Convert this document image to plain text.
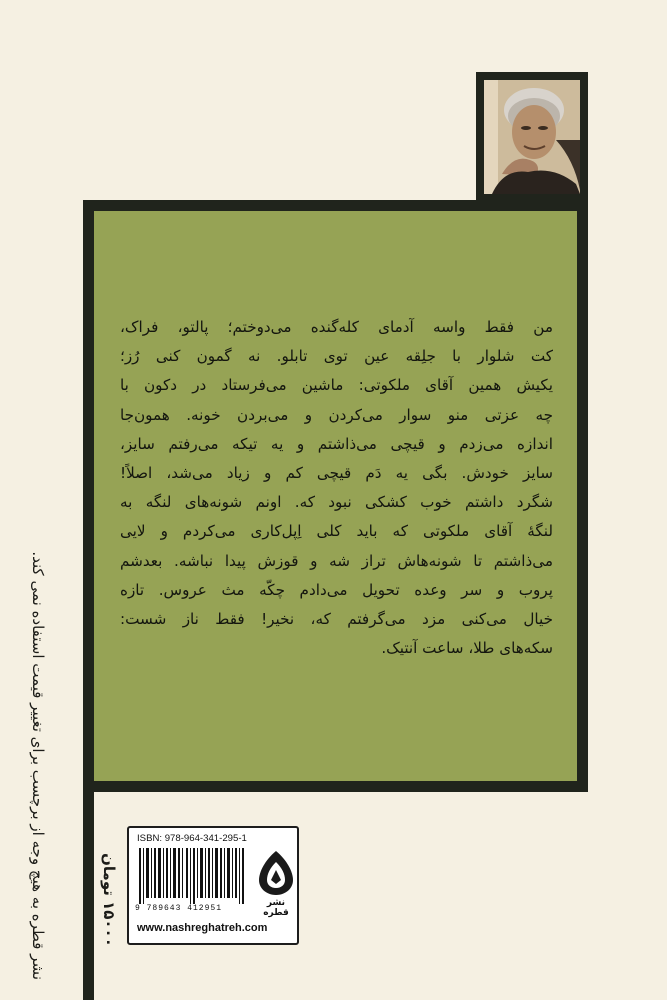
من فقط واسه آدمای کله‌گنده می‌دوختم؛ پالتو، فراک،
کت شلوار با جلِقه عین توی تابلو. نه گمون کنی رُز؛
یکیش همین آقای ملکوتی: ماشین می‌فرستاد در دکون با
چه عزتی منو سوار می‌کردن و می‌بردن خونه. همون‌جا
اندازه می‌زدم و قیچی می‌ذاشتم و یه تیکه می‌رفتم سایز،
سایز خودش. بگی یه دَم قیچی کم و زیاد می‌شد، اصلاً!
شگرد داشتم خوب کشکی نبود که. اونم شونه‌های لنگه به
لنگهٔ آقای ملکوتی که باید کلی اِپل‌کاری می‌کردم و لایی
می‌ذاشتم تا شونه‌هاش تراز شه و قوزش پیدا نباشه. بعدشم
پروب و سر وعده تحویل می‌دادم چکّه مث عروس. تازه
خیال می‌کنی مزد می‌گرفتم که، نخیر! فقط ناز شست:
سکه‌های طلا، ساعت آنتیک.
نشر قطره به هیچ وجه از برچسب برای تغییر قیمت استفاده نمی کند.	۱۵۰۰۰ تومان
ISBN: 978-964-341-295-1
9 789643 412951
www.nashreghatreh.com
نشر قطره
